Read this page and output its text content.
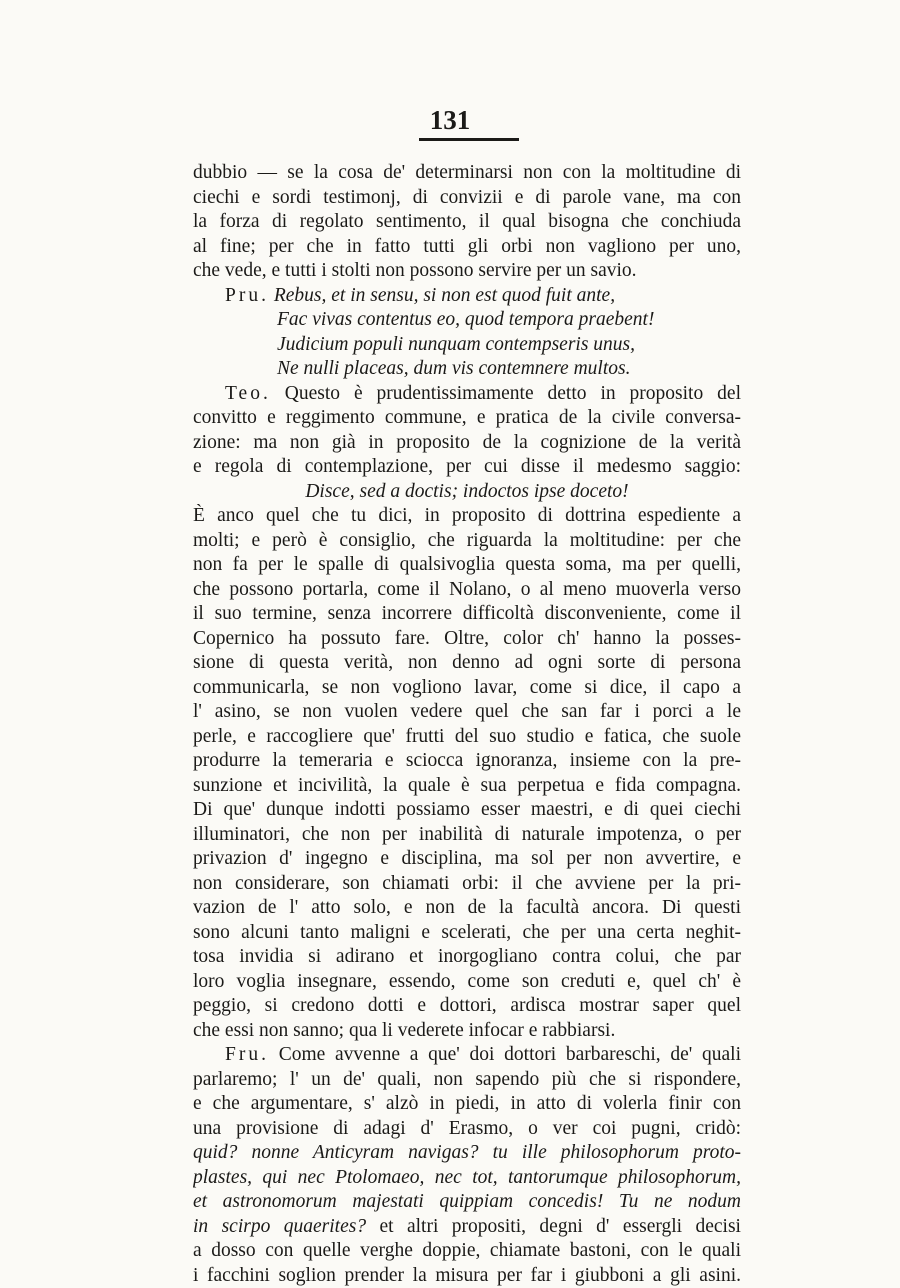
131
dubbio — se la cosa de' determinarsi non con la moltitudine di
ciechi e sordi testimonj, di convizii e di parole vane, ma con
la forza di regolato sentimento, il qual bisogna che conchiuda
al fine; per che in fatto tutti gli orbi non vagliono per uno,
che vede, e tutti i stolti non possono servire per un savio.
Pru. Rebus, et in sensu, si non est quod fuit ante,
Fac vivas contentus eo, quod tempora praebent!
Judicium populi nunquam contempseris unus,
Ne nulli placeas, dum vis contemnere multos.
Teo. Questo è prudentissimamente detto in proposito del
convitto e reggimento commune, e pratica de la civile conversa-
zione: ma non già in proposito de la cognizione de la verità
e regola di contemplazione, per cui disse il medesmo saggio:
Disce, sed a doctis; indoctos ipse doceto!
È anco quel che tu dici, in proposito di dottrina espediente a
molti; e però è consiglio, che riguarda la moltitudine: per che
non fa per le spalle di qualsivoglia questa soma, ma per quelli,
che possono portarla, come il Nolano, o al meno muoverla verso
il suo termine, senza incorrere difficoltà disconveniente, come il
Copernico ha possuto fare. Oltre, color ch' hanno la posses-
sione di questa verità, non denno ad ogni sorte di persona
communicarla, se non vogliono lavar, come si dice, il capo a
l' asino, se non vuolen vedere quel che san far i porci a le
perle, e raccogliere que' frutti del suo studio e fatica, che suole
produrre la temeraria e sciocca ignoranza, insieme con la pre-
sunzione et incivilità, la quale è sua perpetua e fida compagna.
Di que' dunque indotti possiamo esser maestri, e di quei ciechi
illuminatori, che non per inabilità di naturale impotenza, o per
privazion d' ingegno e disciplina, ma sol per non avvertire, e
non considerare, son chiamati orbi: il che avviene per la pri-
vazion de l' atto solo, e non de la facultà ancora. Di questi
sono alcuni tanto maligni e scelerati, che per una certa neghit-
tosa invidia si adirano et inorgogliano contra colui, che par
loro voglia insegnare, essendo, come son creduti e, quel ch' è
peggio, si credono dotti e dottori, ardisca mostrar saper quel
che essi non sanno; qua li vederete infocar e rabbiarsi.
Fru. Come avvenne a que' doi dottori barbareschi, de' quali
parlaremo; l' un de' quali, non sapendo più che si rispondere,
e che argumentare, s' alzò in piedi, in atto di volerla finir con
una provisione di adagi d' Erasmo, o ver coi pugni, cridò:
quid? nonne Anticyram navigas? tu ille philosophorum proto-
plastes, qui nec Ptolomaeo, nec tot, tantorumque philosophorum,
et astronomorum majestati quippiam concedis! Tu ne nodum
in scirpo quaerites? et altri propositi, degni d' essergli decisi
a dosso con quelle verghe doppie, chiamate bastoni, con le quali
i facchini soglion prender la misura per far i giubboni a gli asini.
